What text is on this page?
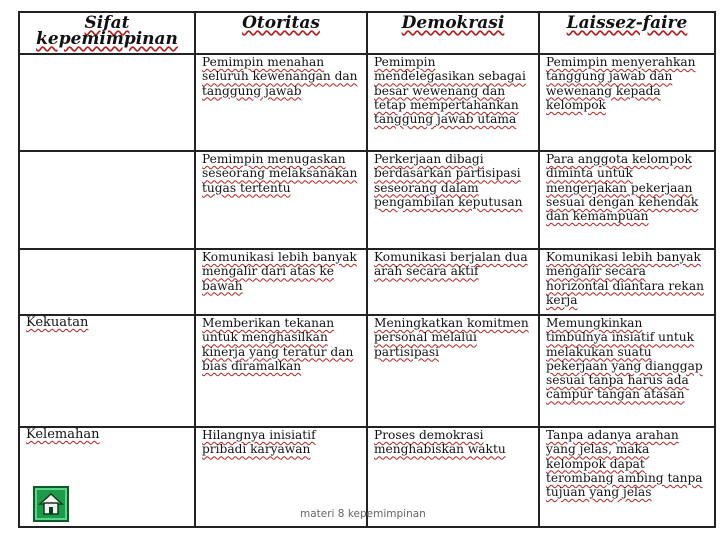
Sifat kepemimpinan	Otoritas	Demokrasi	Laissez-faire
	Pemimpin menahan seluruh kewenangan dan tanggung jawab	Pemimpin mendelegasikan sebagai besar wewenang dan tetap mempertahankan tanggung jawab utama	Pemimpin menyerahkan tanggung jawab dan wewenang kepada kelompok
	Pemimpin menugaskan seseorang melaksanakan tugas tertentu	Perkerjaan dibagi berdasarkan partisipasi seseorang dalam pengambilan keputusan	Para anggota kelompok diminta untuk mengerjakan pekerjaan sesuai dengan kehendak dan kemampuan
	Komunikasi lebih banyak mengalir dari atas ke bawah	Komunikasi berjalan dua arah secara aktif	Komunikasi lebih banyak mengalir secara horizontal diantara rekan kerja
Kekuatan	Memberikan tekanan untuk menghasilkan kinerja yang teratur dan bias diramalkan	Meningkatkan komitmen personal melalui partisipasi	Memungkinkan timbulnya insiatif untuk melakukan suatu pekerjaan yang dianggap sesuai tanpa harus ada campur tangan atasan
Kelemahan	Hilangnya inisiatif pribadi karyawan	Proses demokrasi menghabiskan waktu	Tanpa adanya arahan yang jelas, maka kelompok dapat terombang ambing tanpa tujuan yang jelas
materi 8 kepemimpinan
